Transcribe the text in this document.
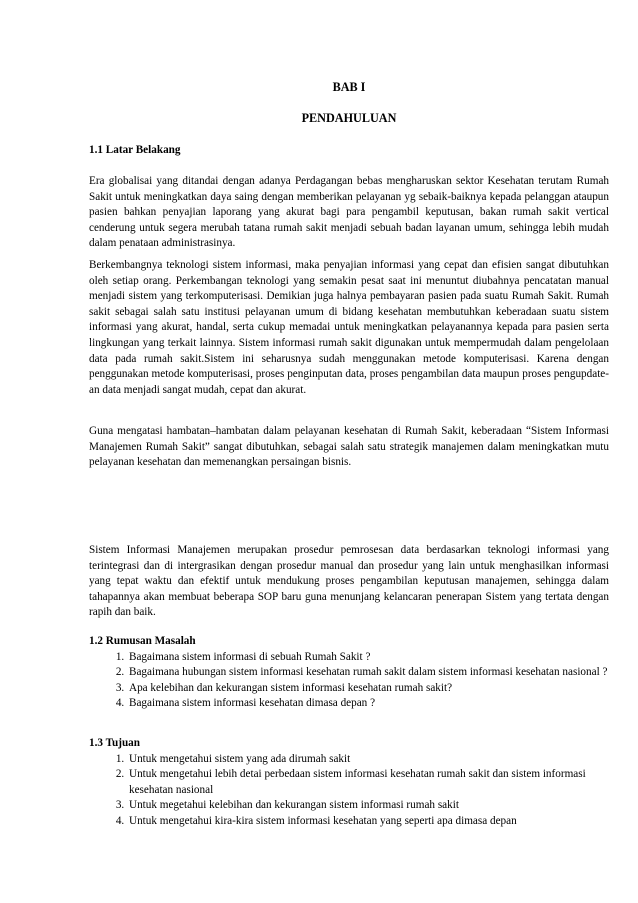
BAB I
PENDAHULUAN
1.1 Latar Belakang

Era globalisai yang ditandai dengan adanya Perdagangan bebas mengharuskan sektor Kesehatan terutam Rumah Sakit untuk meningkatkan daya saing dengan memberikan pelayanan yg sebaik-baiknya kepada pelanggan ataupun pasien bahkan penyajian laporang yang akurat bagi para pengambil keputusan, bakan rumah sakit vertical cenderung untuk segera merubah tatana rumah sakit menjadi sebuah badan layanan umum, sehingga lebih mudah dalam penataan administrasinya.

Berkembangnya teknologi sistem informasi, maka penyajian informasi yang cepat dan efisien sangat dibutuhkan oleh setiap orang. Perkembangan teknologi yang semakin pesat saat ini menuntut diubahnya pencatatan manual menjadi sistem yang terkomputerisasi. Demikian juga halnya pembayaran pasien pada suatu Rumah Sakit. Rumah sakit sebagai salah satu institusi pelayanan umum di bidang kesehatan membutuhkan keberadaan suatu sistem informasi yang akurat, handal, serta cukup memadai untuk meningkatkan pelayanannya kepada para pasien serta lingkungan yang terkait lainnya. Sistem informasi rumah sakit digunakan untuk mempermudah dalam pengelolaan data pada rumah sakit.Sistem ini seharusnya sudah menggunakan metode komputerisasi. Karena dengan penggunakan metode komputerisasi, proses penginputan data, proses pengambilan data maupun proses pengupdate-an data menjadi sangat mudah, cepat dan akurat.

Guna mengatasi hambatan–hambatan dalam pelayanan kesehatan di Rumah Sakit, keberadaan “Sistem Informasi Manajemen Rumah Sakit” sangat dibutuhkan, sebagai salah satu strategik manajemen dalam meningkatkan mutu pelayanan kesehatan dan memenangkan persaingan bisnis.

Sistem Informasi Manajemen merupakan prosedur pemrosesan data berdasarkan teknologi informasi yang terintegrasi dan di intergrasikan dengan prosedur manual dan prosedur yang lain untuk menghasilkan informasi yang tepat waktu dan efektif untuk mendukung proses pengambilan keputusan manajemen, sehingga dalam tahapannya akan membuat beberapa SOP baru guna menunjang kelancaran penerapan Sistem yang tertata dengan rapih dan baik.

1.2 Rumusan Masalah
1. Bagaimana sistem informasi di sebuah Rumah Sakit ?
2. Bagaimana hubungan sistem informasi kesehatan rumah sakit dalam sistem informasi kesehatan nasional ?
3. Apa kelebihan dan kekurangan sistem informasi kesehatan rumah sakit?
4. Bagaimana sistem informasi kesehatan dimasa depan ?
1.3 Tujuan
1. Untuk mengetahui sistem yang ada dirumah sakit
2. Untuk mengetahui lebih detai perbedaan sistem informasi kesehatan rumah sakit dan sistem informasi kesehatan nasional
3. Untuk megetahui kelebihan dan kekurangan sistem informasi rumah sakit
4. Untuk mengetahui kira-kira sistem informasi kesehatan yang seperti apa dimasa depan
